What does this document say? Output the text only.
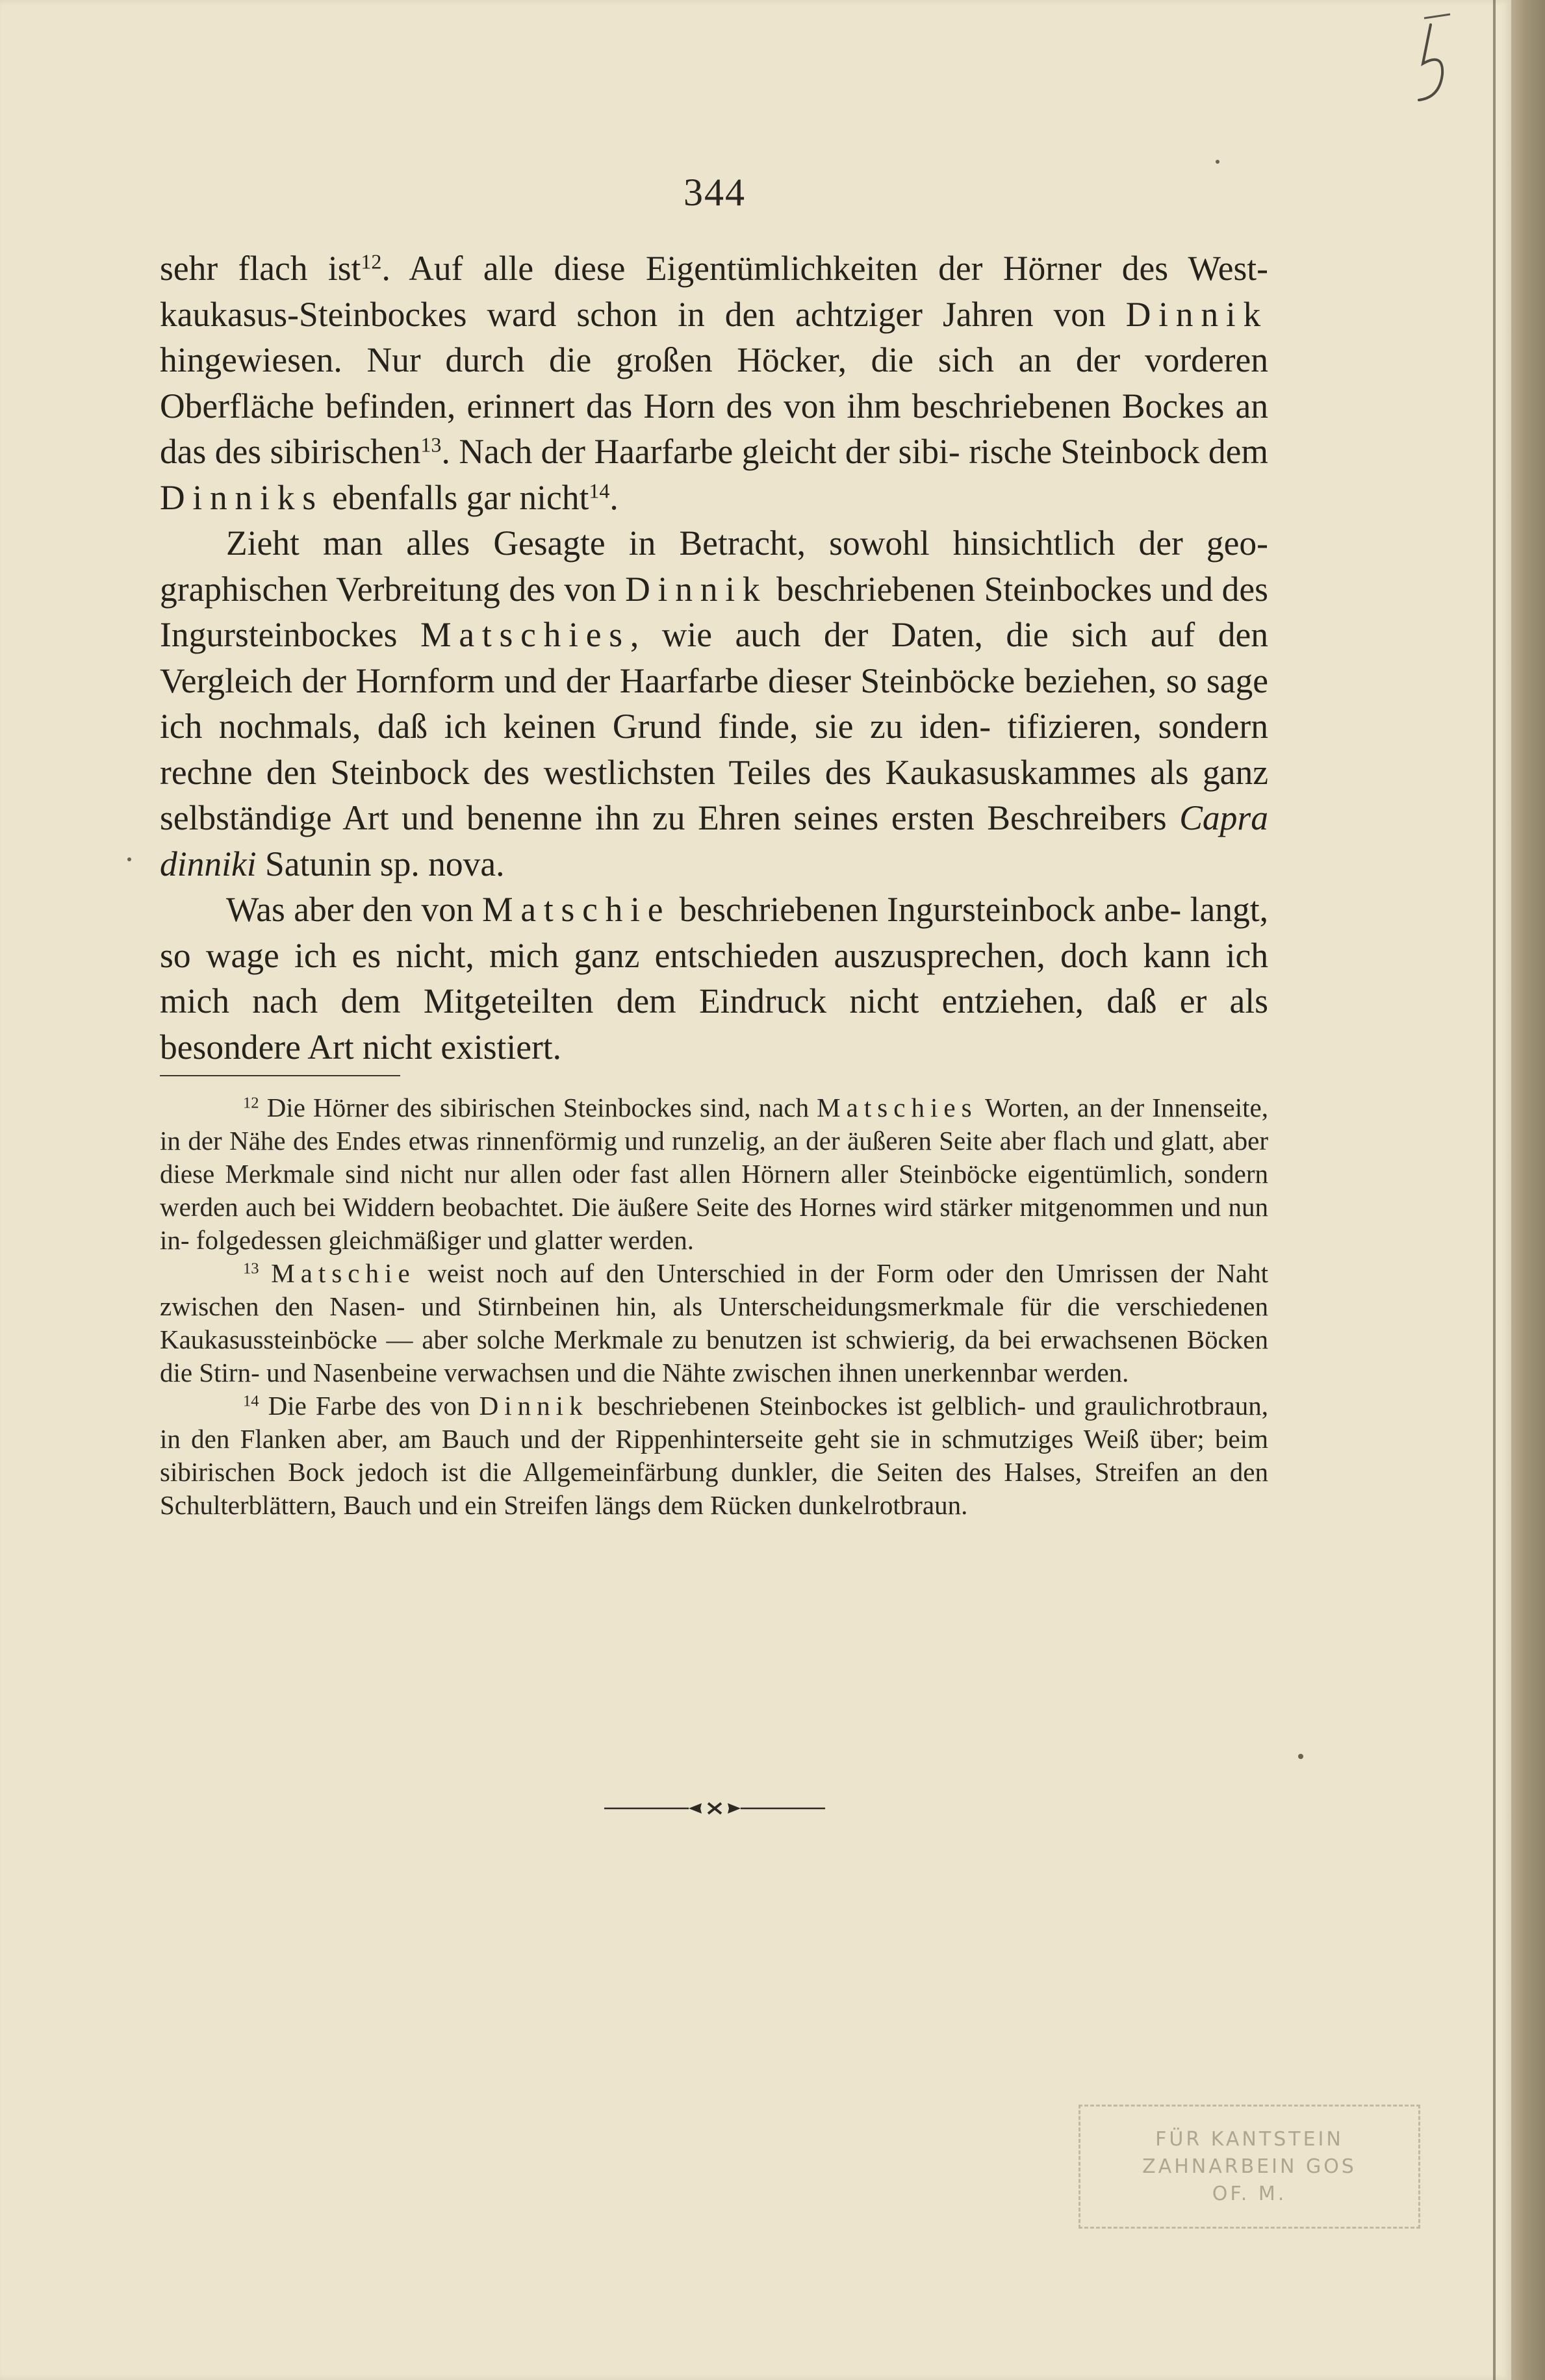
344

sehr flach ist$^{12}$. Auf alle diese Eigentümlichkeiten der Hörner des West- kaukasus-Steinbockes ward schon in den achtziger Jahren von Dinnik hingewiesen. Nur durch die großen Höcker, die sich an der vorderen Oberfläche befinden, erinnert das Horn des von ihm beschriebenen Bockes an das des sibirischen$^{13}$. Nach der Haarfarbe gleicht der sibi- rische Steinbock dem Dinniks ebenfalls gar nicht$^{14}$.

Zieht man alles Gesagte in Betracht, sowohl hinsichtlich der geo- graphischen Verbreitung des von Dinnik beschriebenen Steinbockes und des Ingursteinbockes Matschies, wie auch der Daten, die sich auf den Vergleich der Hornform und der Haarfarbe dieser Steinböcke beziehen, so sage ich nochmals, daß ich keinen Grund finde, sie zu iden- tifizieren, sondern rechne den Steinbock des westlichsten Teiles des Kaukasuskammes als ganz selbständige Art und benenne ihn zu Ehren seines ersten Beschreibers Capra dinniki Satunin sp. nova.

Was aber den von Matschie beschriebenen Ingursteinbock anbe- langt, so wage ich es nicht, mich ganz entschieden auszusprechen, doch kann ich mich nach dem Mitgeteilten dem Eindruck nicht entziehen, daß er als besondere Art nicht existiert.

$^{12}$ Die Hörner des sibirischen Steinbockes sind, nach Matschies Worten, an der Innenseite, in der Nähe des Endes etwas rinnenförmig und runzelig, an der äußeren Seite aber flach und glatt, aber diese Merkmale sind nicht nur allen oder fast allen Hörnern aller Steinböcke eigentümlich, sondern werden auch bei Widdern beobachtet. Die äußere Seite des Hornes wird stärker mitgenommen und nun in- folgedessen gleichmäßiger und glatter werden.

$^{13}$ Matschie weist noch auf den Unterschied in der Form oder den Umrissen der Naht zwischen den Nasen- und Stirnbeinen hin, als Unterscheidungsmerkmale für die verschiedenen Kaukasussteinböcke — aber solche Merkmale zu benutzen ist schwierig, da bei erwachsenen Böcken die Stirn- und Nasenbeine verwachsen und die Nähte zwischen ihnen unerkennbar werden.

$^{14}$ Die Farbe des von Dinnik beschriebenen Steinbockes ist gelblich- und graulichrotbraun, in den Flanken aber, am Bauch und der Rippenhinterseite geht sie in schmutziges Weiß über; beim sibirischen Bock jedoch ist die Allgemeinfärbung dunkler, die Seiten des Halses, Streifen an den Schulterblättern, Bauch und ein Streifen längs dem Rücken dunkelrotbraun.

FÜR KANTSTEIN
ZAHNARBEIN GOS
OF. M.
